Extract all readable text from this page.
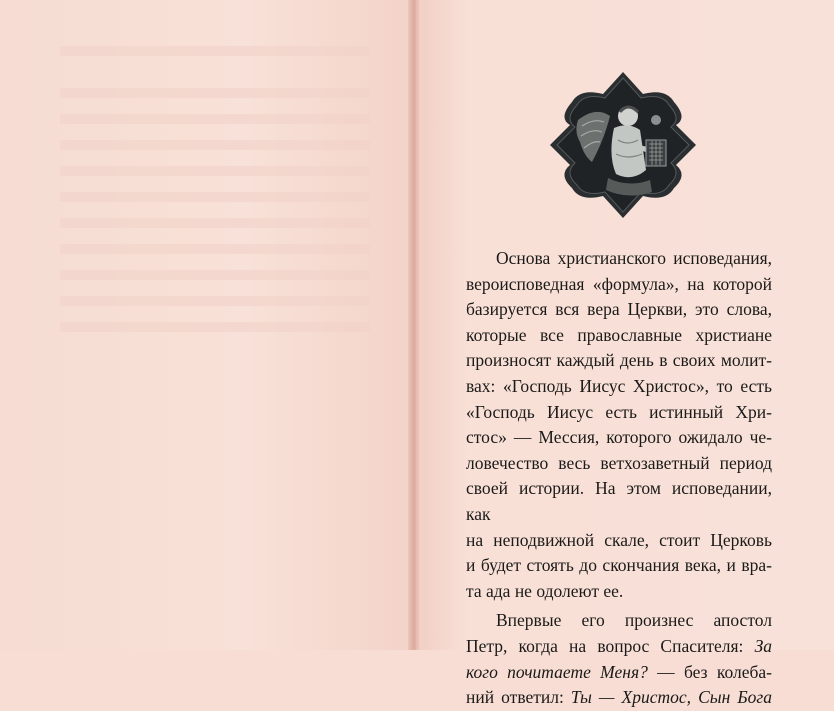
Основа христианского исповедания,
вероисповедная «формула», на которой
базируется вся вера Церкви, это слова,
которые все православные христиане
произносят каждый день в своих молит-
вах: «Господь Иисус Христос», то есть
«Господь Иисус есть истинный Хри-
стос» — Мессия, которого ожидало че-
ловечество весь ветхозаветный период
своей истории. На этом исповедании, как
на неподвижной скале, стоит Церковь
и будет стоять до скончания века, и вра-
та ада не одолеют ее.

Впервые его произнес апостол
Петр, когда на вопрос Спасителя: За
кого почитаете Меня? — без колеба-
ний ответил: Ты — Христос, Сын Бога
